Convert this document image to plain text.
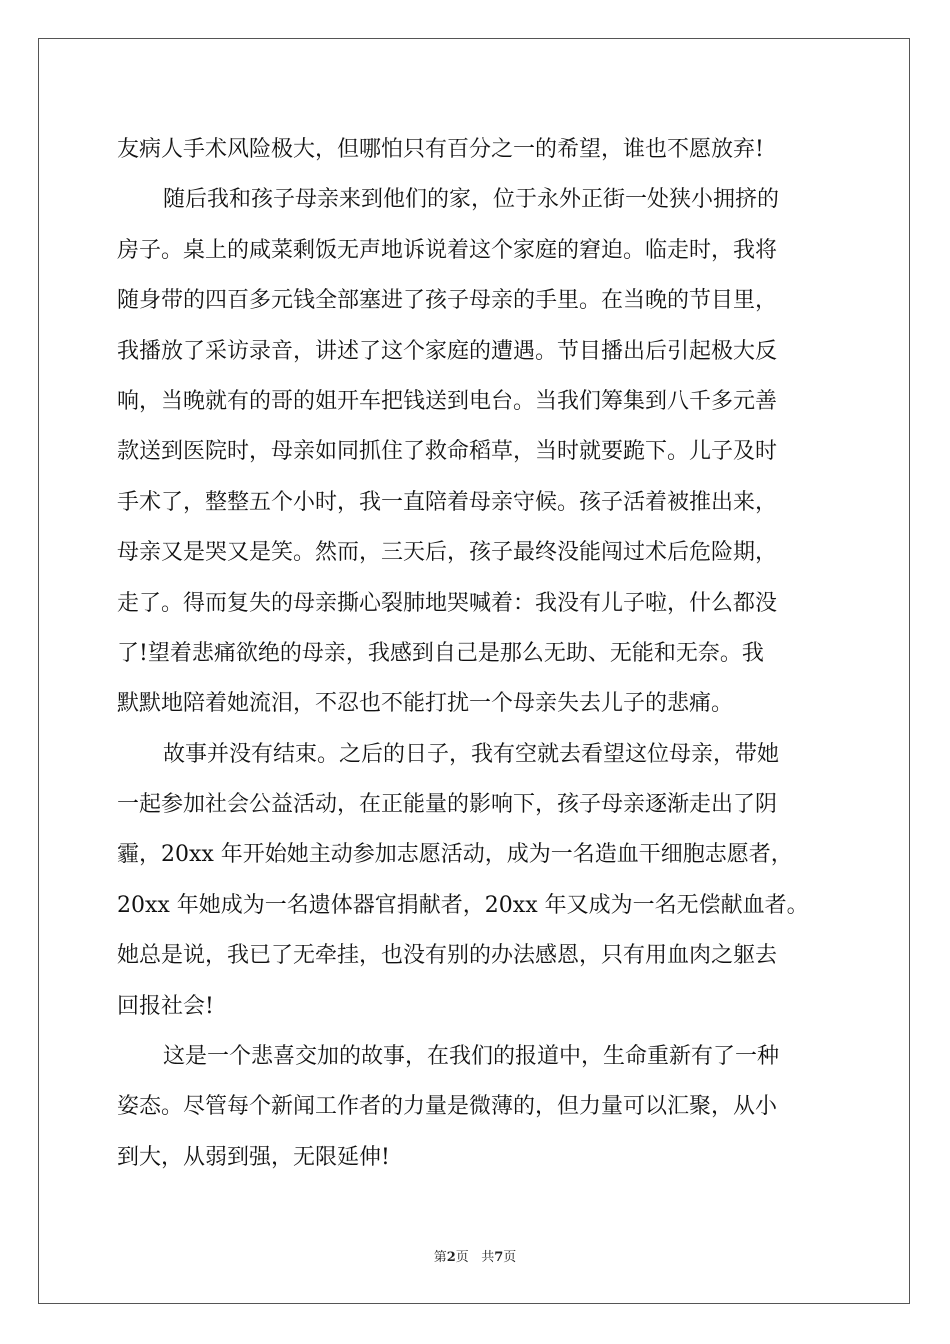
友病人手术风险极大，但哪怕只有百分之一的希望，谁也不愿放弃!
随后我和孩子母亲来到他们的家，位于永外正街一处狭小拥挤的
房子。桌上的咸菜剩饭无声地诉说着这个家庭的窘迫。临走时，我将
随身带的四百多元钱全部塞进了孩子母亲的手里。在当晚的节目里，
我播放了采访录音，讲述了这个家庭的遭遇。节目播出后引起极大反
响，当晚就有的哥的姐开车把钱送到电台。当我们筹集到八千多元善
款送到医院时，母亲如同抓住了救命稻草，当时就要跪下。儿子及时
手术了，整整五个小时，我一直陪着母亲守候。孩子活着被推出来，
母亲又是哭又是笑。然而，三天后，孩子最终没能闯过术后危险期，
走了。得而复失的母亲撕心裂肺地哭喊着：我没有儿子啦，什么都没
了!望着悲痛欲绝的母亲，我感到自己是那么无助、无能和无奈。我
默默地陪着她流泪，不忍也不能打扰一个母亲失去儿子的悲痛。
故事并没有结束。之后的日子，我有空就去看望这位母亲，带她
一起参加社会公益活动，在正能量的影响下，孩子母亲逐渐走出了阴
霾，20xx 年开始她主动参加志愿活动，成为一名造血干细胞志愿者，
20xx 年她成为一名遗体器官捐献者，20xx 年又成为一名无偿献血者。
她总是说，我已了无牵挂，也没有别的办法感恩，只有用血肉之躯去
回报社会!
这是一个悲喜交加的故事，在我们的报道中，生命重新有了一种
姿态。尽管每个新闻工作者的力量是微薄的，但力量可以汇聚，从小
到大，从弱到强，无限延伸!
第2页 共7页
